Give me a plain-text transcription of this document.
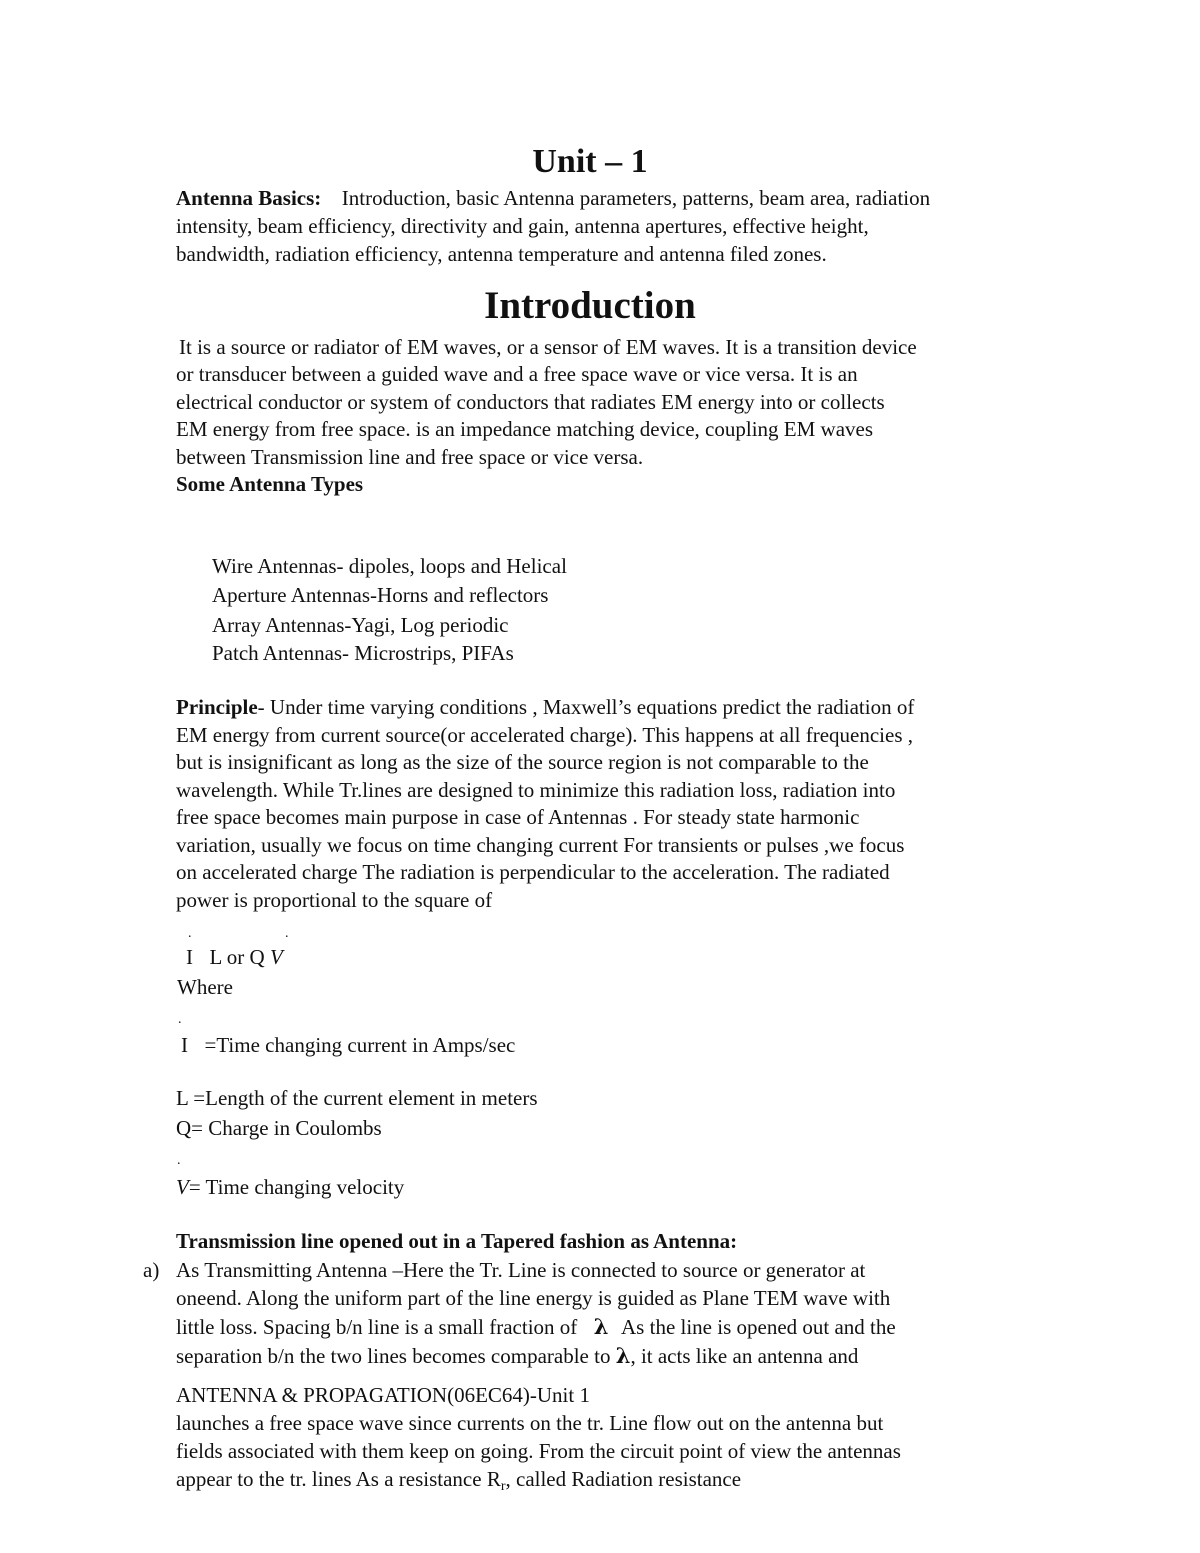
Unit – 1
Antenna Basics: Introduction, basic Antenna parameters, patterns, beam area, radiation
intensity, beam efficiency, directivity and gain, antenna apertures, effective height,
bandwidth, radiation efficiency, antenna temperature and antenna filed zones.
Introduction
It is a source or radiator of EM waves, or a sensor of EM waves. It is a transition device
or transducer between a guided wave and a free space wave or vice versa. It is an
electrical conductor or system of conductors that radiates EM energy into or collects
EM energy from free space. is an impedance matching device, coupling EM waves
between Transmission line and free space or vice versa.
Some Antenna Types
Wire Antennas- dipoles, loops and Helical
Aperture Antennas-Horns and reflectors
Array Antennas-Yagi, Log periodic
Patch Antennas- Microstrips, PIFAs
Principle- Under time varying conditions , Maxwell’s equations predict the radiation of
EM energy from current source(or accelerated charge). This happens at all frequencies ,
but is insignificant as long as the size of the source region is not comparable to the
wavelength. While Tr.lines are designed to minimize this radiation loss, radiation into
free space becomes main purpose in case of Antennas . For steady state harmonic
variation, usually we focus on time changing current For transients or pulses ,we focus
on accelerated charge The radiation is perpendicular to the acceleration. The radiated
power is proportional to the square of
.	.
I L or Q V
Where
.
I =Time changing current in Amps/sec
L =Length of the current element in meters
Q= Charge in Coulombs
.
V= Time changing velocity
Transmission line opened out in a Tapered fashion as Antenna:
a) As Transmitting Antenna –Here the Tr. Line is connected to source or generator at
oneend. Along the uniform part of the line energy is guided as Plane TEM wave with
little loss. Spacing b/n line is a small fraction of λ As the line is opened out and the
separation b/n the two lines becomes comparable to λ, it acts like an antenna and
ANTENNA & PROPAGATION(06EC64)-Unit 1
launches a free space wave since currents on the tr. Line flow out on the antenna but
fields associated with them keep on going. From the circuit point of view the antennas
appear to the tr. lines As a resistance $R_r$, called Radiation resistance
